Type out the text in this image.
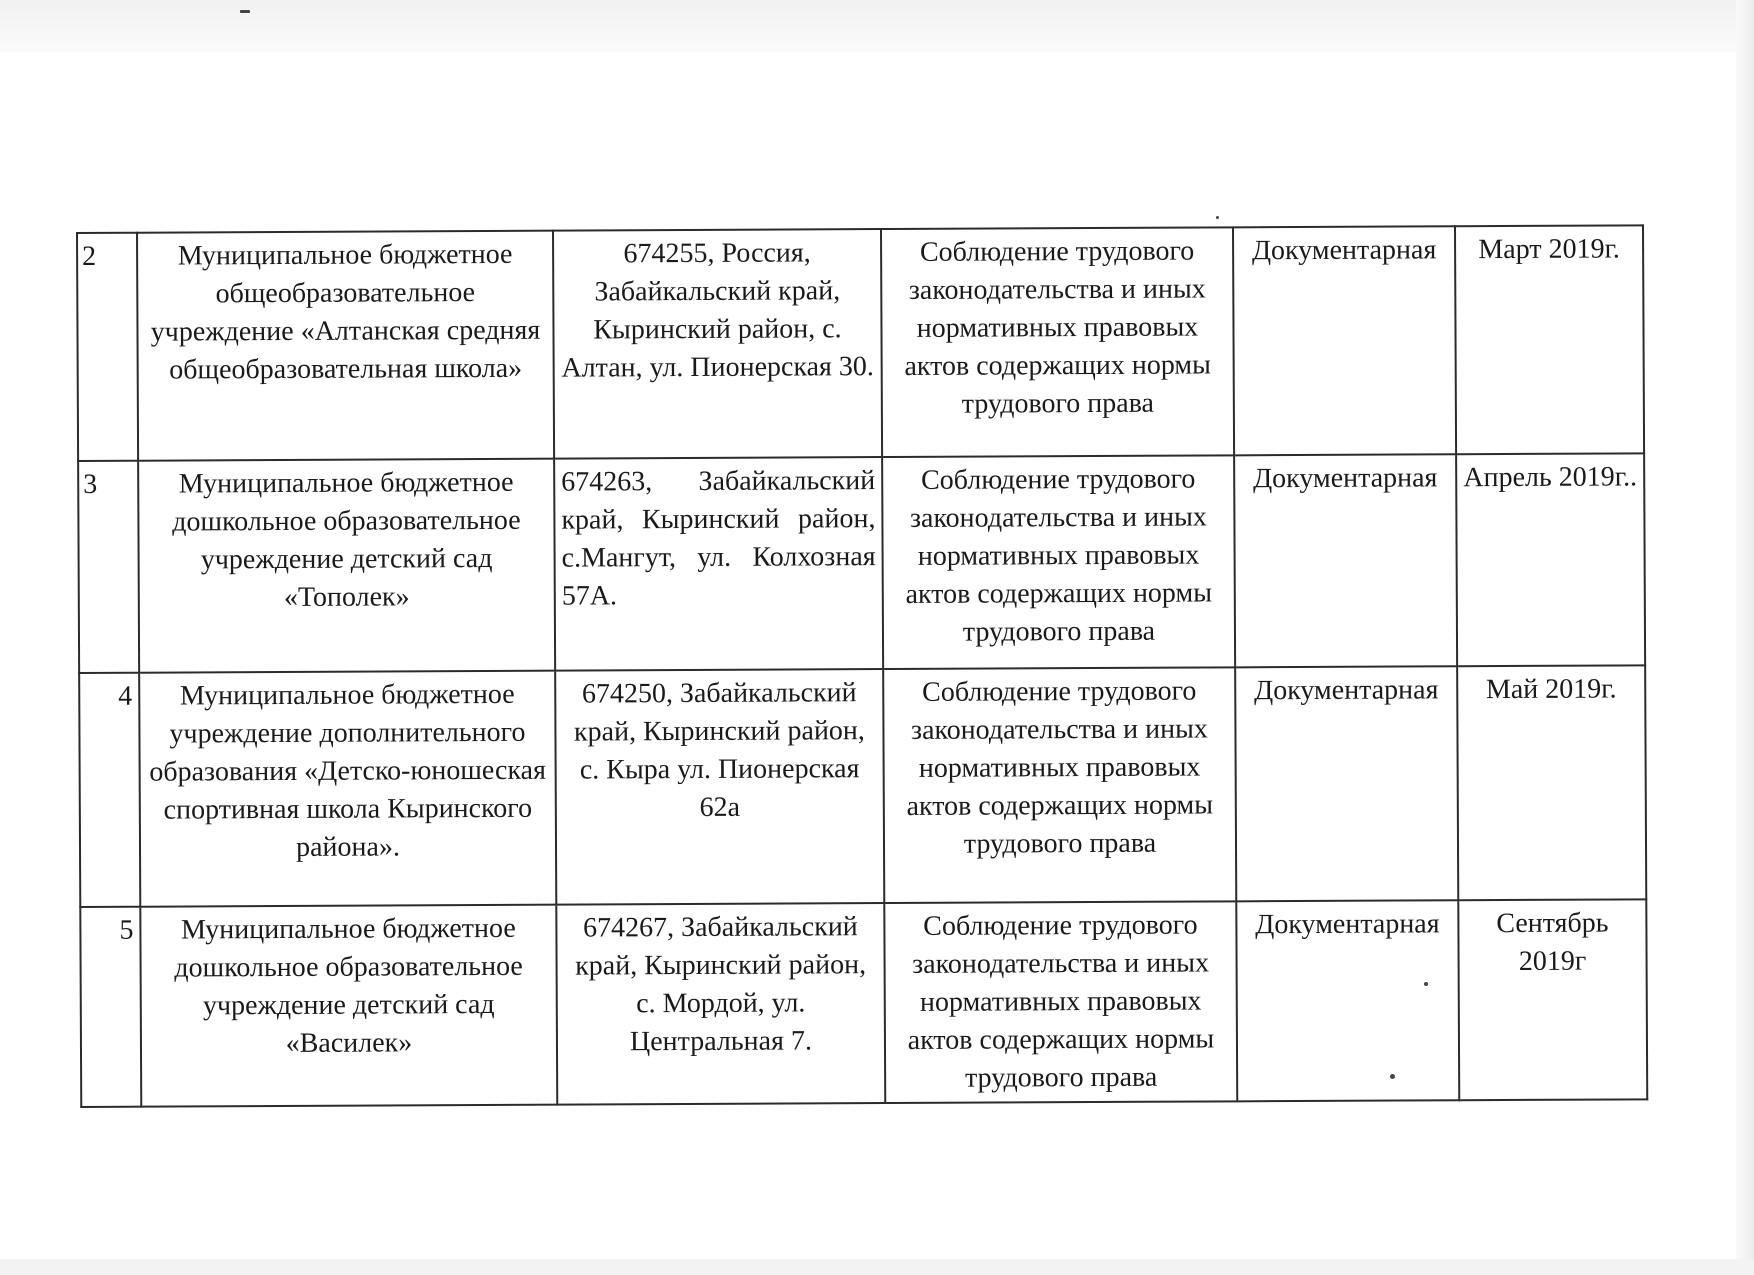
2	Муниципальное бюджетное общеобразовательное учреждение «Алтанская средняя общеобразовательная школа»	674255, Россия, Забайкальский край, Кыринский район, с. Алтан, ул. Пионерская 30.	Соблюдение трудового законодательства и иных нормативных правовых актов содержащих нормы трудового права	Документарная	Март 2019г.

3	Муниципальное бюджетное дошкольное образовательное учреждение детский сад «Тополек»	674263, Забайкальский край, Кыринский район, с.Мангут, ул. Колхозная 57А.	Соблюдение трудового законодательства и иных нормативных правовых актов содержащих нормы трудового права	Документарная	Апрель 2019г..

4	Муниципальное бюджетное учреждение дополнительного образования «Детско-юношеская спортивная школа Кыринского района».	674250, Забайкальский край, Кыринский район, с. Кыра ул. Пионерская 62а	Соблюдение трудового законодательства и иных нормативных правовых актов содержащих нормы трудового права	Документарная	Май 2019г.

5	Муниципальное бюджетное дошкольное образовательное учреждение детский сад «Василек»	674267, Забайкальский край, Кыринский район, с. Мордой, ул. Центральная 7.	Соблюдение трудового законодательства и иных нормативных правовых актов содержащих нормы трудового права	Документарная	Сентябрь 2019г
